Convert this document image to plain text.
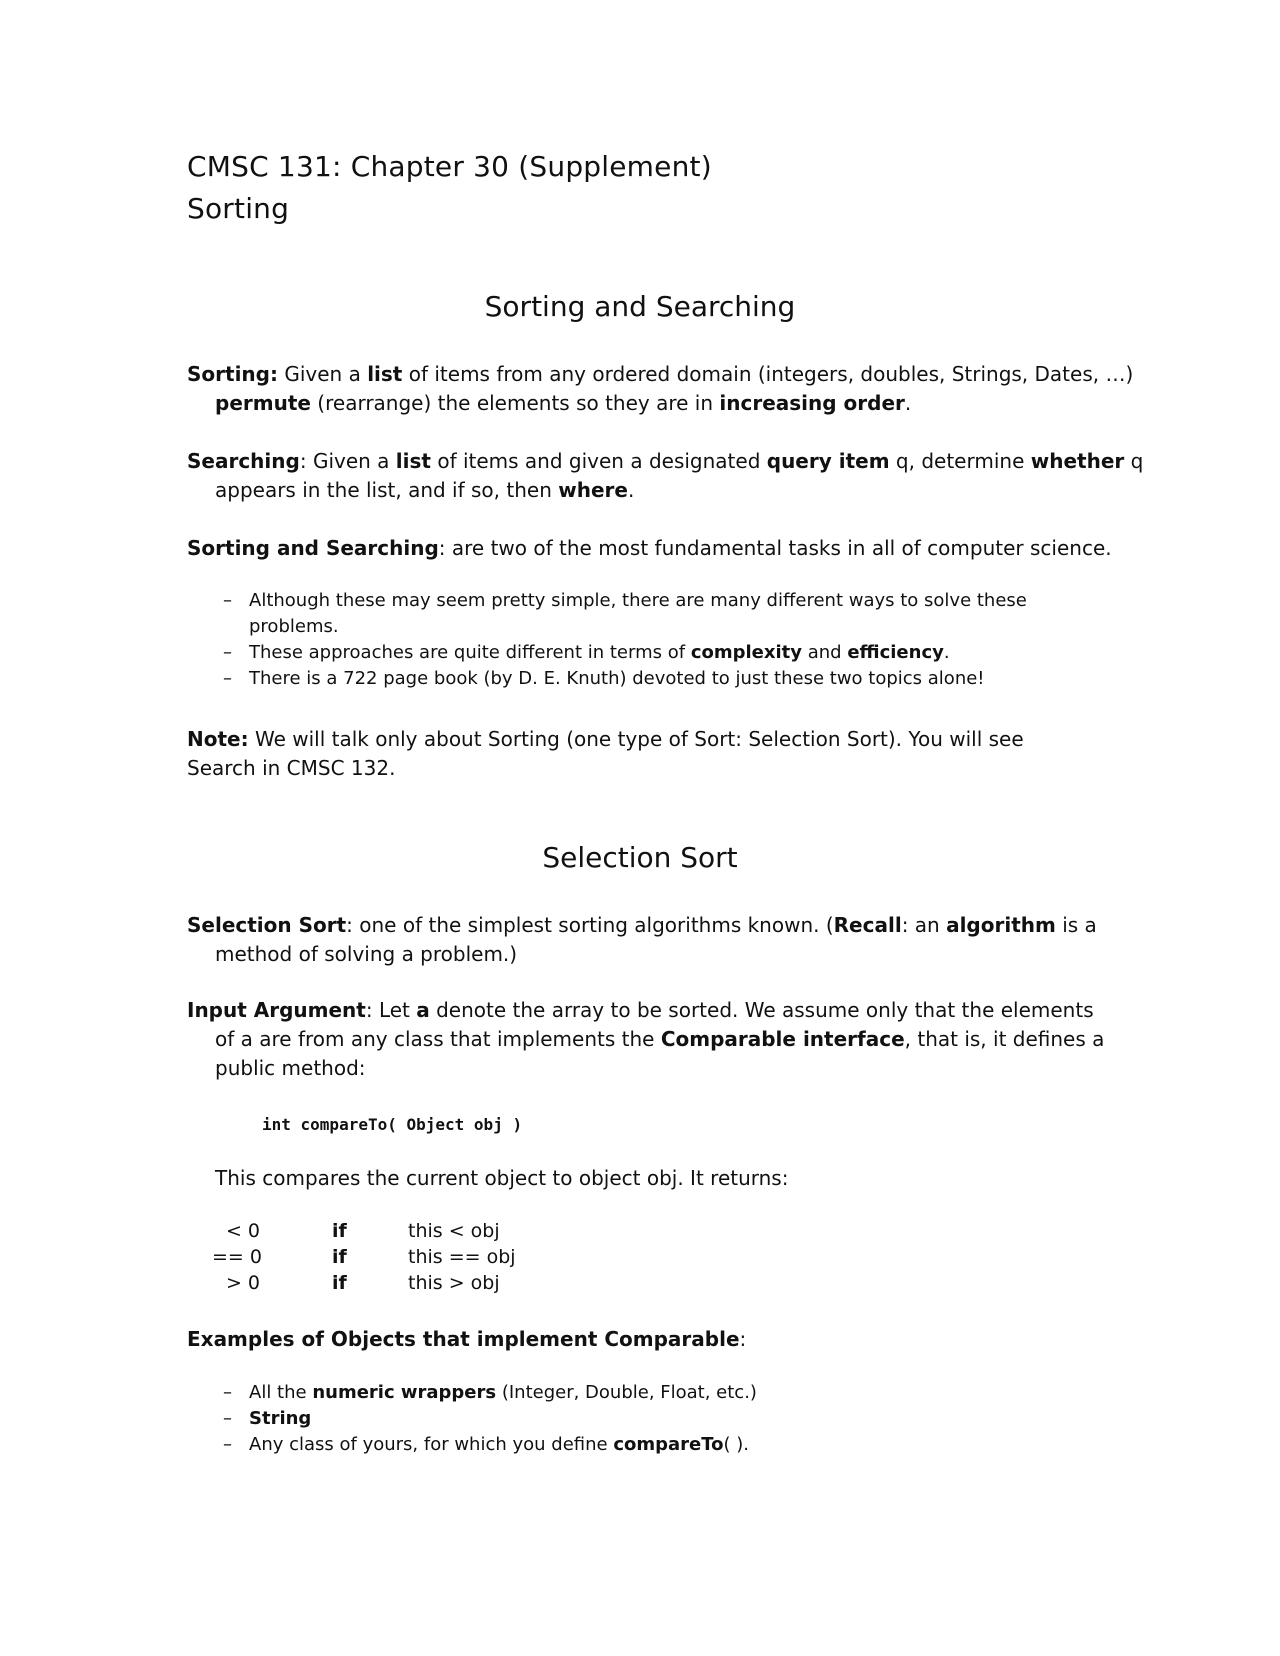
CMSC 131: Chapter 30 (Supplement)
Sorting
Sorting and Searching
Sorting: Given a list of items from any ordered domain (integers, doubles, Strings, Dates, …)
permute (rearrange) the elements so they are in increasing order.
Searching: Given a list of items and given a designated query item q, determine whether q
appears in the list, and if so, then where.
Sorting and Searching: are two of the most fundamental tasks in all of computer science.
– Although these may seem pretty simple, there are many different ways to solve these
problems.
– These approaches are quite different in terms of complexity and efficiency.
– There is a 722 page book (by D. E. Knuth) devoted to just these two topics alone!
Note: We will talk only about Sorting (one type of Sort: Selection Sort). You will see
Search in CMSC 132.
Selection Sort
Selection Sort: one of the simplest sorting algorithms known. (Recall: an algorithm is a
method of solving a problem.)
Input Argument: Let a denote the array to be sorted. We assume only that the elements
of a are from any class that implements the Comparable interface, that is, it defines a
public method:
int compareTo( Object obj )
This compares the current object to object obj. It returns:
< 0	if	this < obj
== 0	if	this == obj
> 0	if	this > obj
Examples of Objects that implement Comparable:
– All the numeric wrappers (Integer, Double, Float, etc.)
– String
– Any class of yours, for which you define compareTo( ).
